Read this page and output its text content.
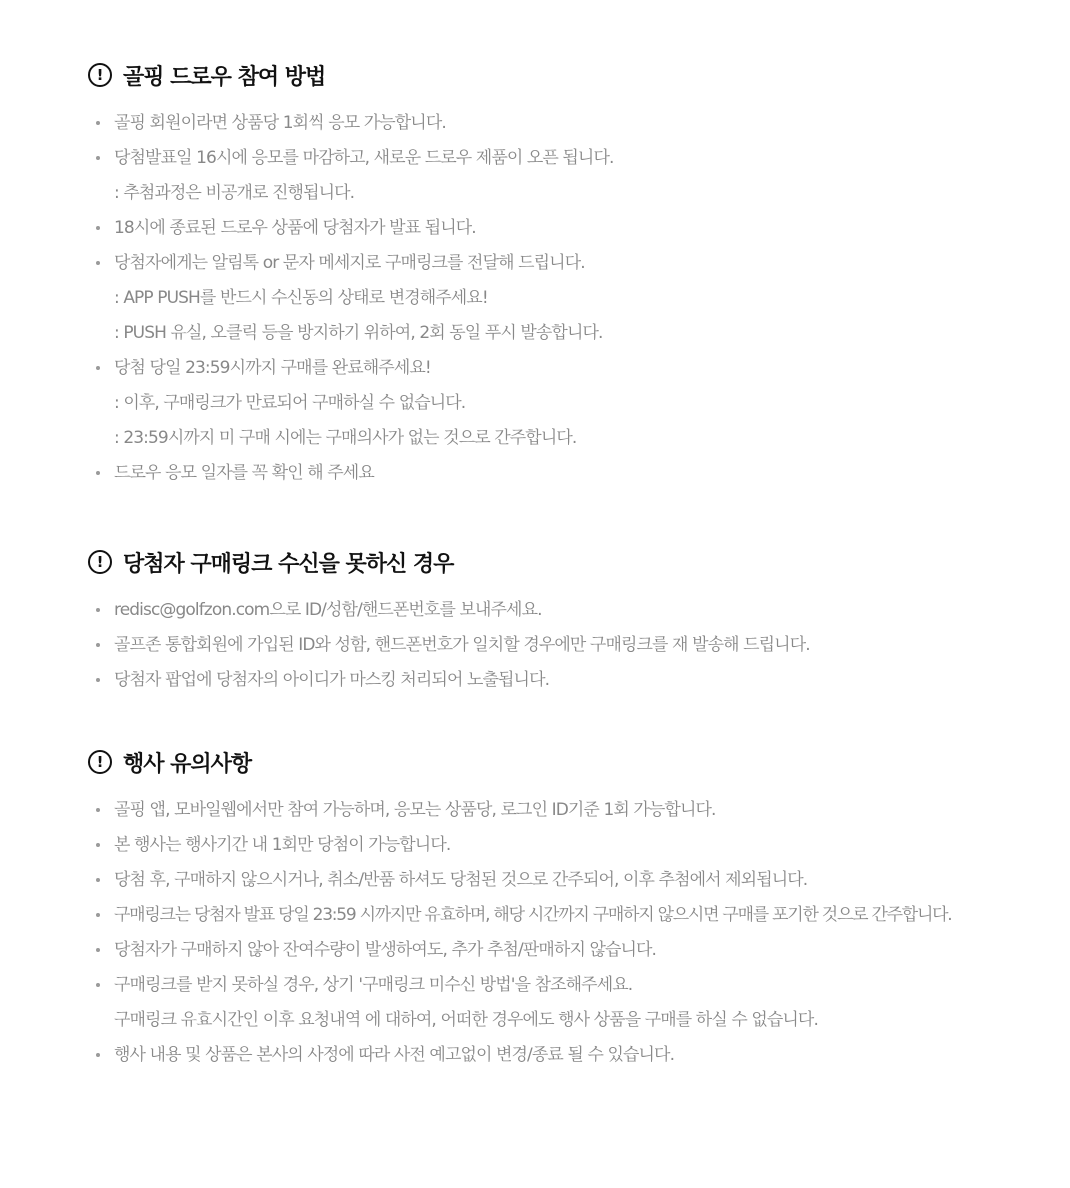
! 골핑 드로우 참여 방법
골핑 회원이라면 상품당 1회씩 응모 가능합니다.
당첨발표일 16시에 응모를 마감하고, 새로운 드로우 제품이 오픈 됩니다.
: 추첨과정은 비공개로 진행됩니다.
18시에 종료된 드로우 상품에 당첨자가 발표 됩니다.
당첨자에게는 알림톡 or 문자 메세지로 구매링크를 전달해 드립니다.
: APP PUSH를 반드시 수신동의 상태로 변경해주세요!
: PUSH 유실, 오클릭 등을 방지하기 위하여, 2회 동일 푸시 발송합니다.
당첨 당일 23:59시까지 구매를 완료해주세요!
: 이후, 구매링크가 만료되어 구매하실 수 없습니다.
: 23:59시까지 미 구매 시에는 구매의사가 없는 것으로 간주합니다.
드로우 응모 일자를 꼭 확인 해 주세요
! 당첨자 구매링크 수신을 못하신 경우
redisc@golfzon.com으로 ID/성함/핸드폰번호를 보내주세요.
골프존 통합회원에 가입된 ID와 성함, 핸드폰번호가 일치할 경우에만 구매링크를 재 발송해 드립니다.
당첨자 팝업에 당첨자의 아이디가 마스킹 처리되어 노출됩니다.
! 행사 유의사항
골핑 앱, 모바일웹에서만 참여 가능하며, 응모는 상품당, 로그인 ID기준 1회 가능합니다.
본 행사는 행사기간 내 1회만 당첨이 가능합니다.
당첨 후, 구매하지 않으시거나, 취소/반품 하셔도 당첨된 것으로 간주되어, 이후 추첨에서 제외됩니다.
구매링크는 당첨자 발표 당일 23:59 시까지만 유효하며, 해당 시간까지 구매하지 않으시면 구매를 포기한 것으로 간주합니다.
당첨자가 구매하지 않아 잔여수량이 발생하여도, 추가 추첨/판매하지 않습니다.
구매링크를 받지 못하실 경우, 상기 '구매링크 미수신 방법'을 참조해주세요.
구매링크 유효시간인 이후 요청내역 에 대하여, 어떠한 경우에도 행사 상품을 구매를 하실 수 없습니다.
행사 내용 및 상품은 본사의 사정에 따라 사전 예고없이 변경/종료 될 수 있습니다.
